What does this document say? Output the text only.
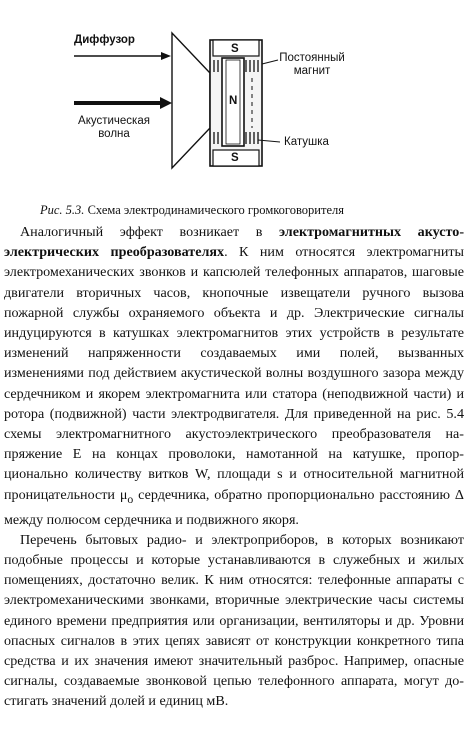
Диффузор
Акустическая
волна
Постоянный
магнит
Катушка
S
N
S
Рис. 5.3. Схема электродинамического громкоговорителя

Аналогичный эффект возникает в электромагнитных акустоэлектрических преобразователях. К ним относятся электромагниты электромеханических звонков и капсюлей телефонных аппаратов, шаговые двигатели вторичных часов, кнопочные извещатели ручного вызова пожарной службы охраняемого объекта и др. Электрические сигналы индуцируются в катушках электромагнитов этих устройств в результате изменений напряженности создаваемых ими полей, вызванных изменениями под действием акустической волны воздушного зазора между сердечником и якорем электромагнита или статора (неподвижной части) и ротора (подвижной) части электродвигателя. Для приведенной на рис. 5.4 схемы электромагнитного акустоэлектрического преобразователя напряжение E на концах проволоки, намотанной на катушке, пропорционально количеству витков W, площади s и относительной магнитной проницательности $\mu_o$ сердечника, обратно пропорционально расстоянию Δ между полюсом сердечника и подвижного якоря.

Перечень бытовых радио- и электроприборов, в которых возникают подобные процессы и которые устанавливаются в служебных и жилых помещениях, достаточно велик. К ним относятся: телефонные аппараты с электромеханическими звонками, вторичные электрические часы системы единого времени предприятия или организации, вентиляторы и др. Уровни опасных сигналов в этих цепях зависят от конструкции конкретного типа средства и их значения имеют значительный разброс. Например, опасные сигналы, создаваемые звонковой цепью телефонного аппарата, могут достигать значений долей и единиц мВ.
